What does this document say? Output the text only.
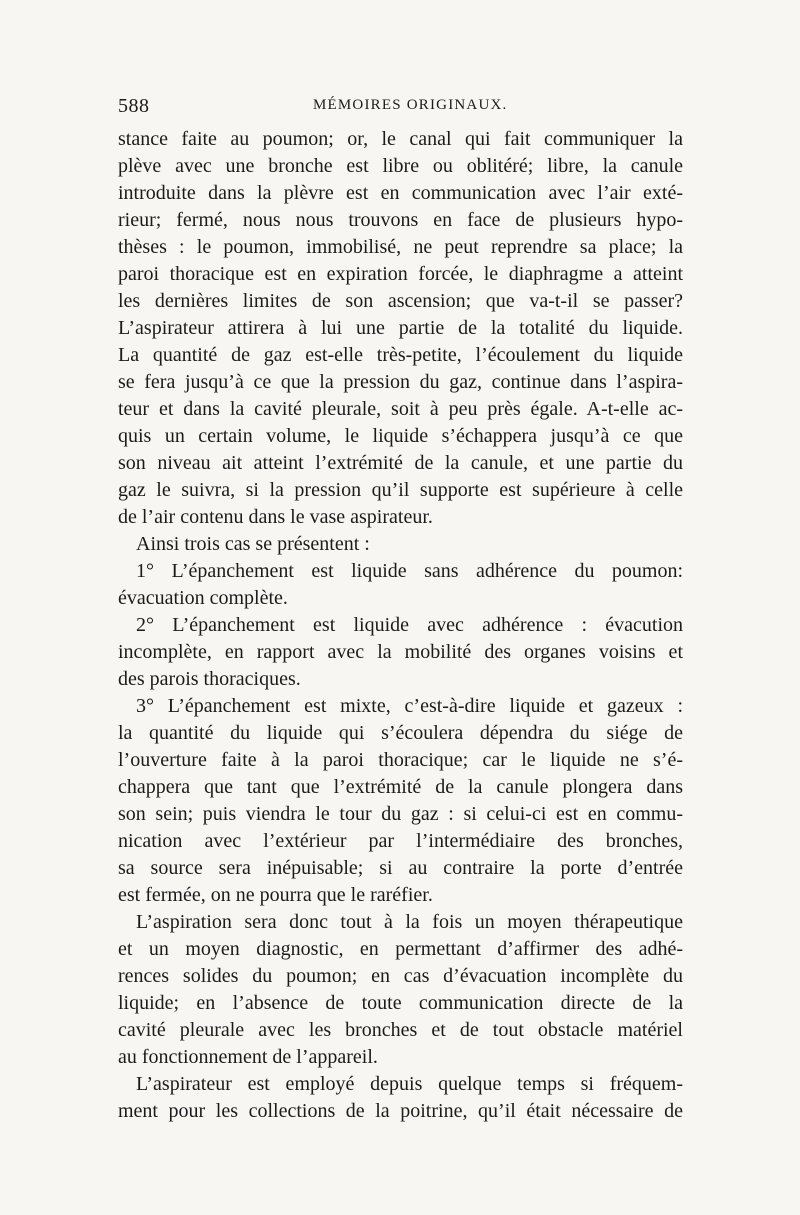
588	MÉMOIRES ORIGINAUX.
stance faite au poumon; or, le canal qui fait communiquer la
plève avec une bronche est libre ou oblitéré; libre, la canule
introduite dans la plèvre est en communication avec l’air exté-
rieur; fermé, nous nous trouvons en face de plusieurs hypo-
thèses : le poumon, immobilisé, ne peut reprendre sa place; la
paroi thoracique est en expiration forcée, le diaphragme a atteint
les dernières limites de son ascension; que va-t-il se passer?
L’aspirateur attirera à lui une partie de la totalité du liquide.
La quantité de gaz est-elle très-petite, l’écoulement du liquide
se fera jusqu’à ce que la pression du gaz, continue dans l’aspira-
teur et dans la cavité pleurale, soit à peu près égale. A-t-elle ac-
quis un certain volume, le liquide s’échappera jusqu’à ce que
son niveau ait atteint l’extrémité de la canule, et une partie du
gaz le suivra, si la pression qu’il supporte est supérieure à celle
de l’air contenu dans le vase aspirateur.
Ainsi trois cas se présentent :
1° L’épanchement est liquide sans adhérence du poumon:
évacuation complète.
2° L’épanchement est liquide avec adhérence : évacution
incomplète, en rapport avec la mobilité des organes voisins et
des parois thoraciques.
3° L’épanchement est mixte, c’est-à-dire liquide et gazeux :
la quantité du liquide qui s’écoulera dépendra du siége de
l’ouverture faite à la paroi thoracique; car le liquide ne s’é-
chappera que tant que l’extrémité de la canule plongera dans
son sein; puis viendra le tour du gaz : si celui-ci est en commu-
nication avec l’extérieur par l’intermédiaire des bronches,
sa source sera inépuisable; si au contraire la porte d’entrée
est fermée, on ne pourra que le raréfier.
L’aspiration sera donc tout à la fois un moyen thérapeutique
et un moyen diagnostic, en permettant d’affirmer des adhé-
rences solides du poumon; en cas d’évacuation incomplète du
liquide; en l’absence de toute communication directe de la
cavité pleurale avec les bronches et de tout obstacle matériel
au fonctionnement de l’appareil.
L’aspirateur est employé depuis quelque temps si fréquem-
ment pour les collections de la poitrine, qu’il était nécessaire de
